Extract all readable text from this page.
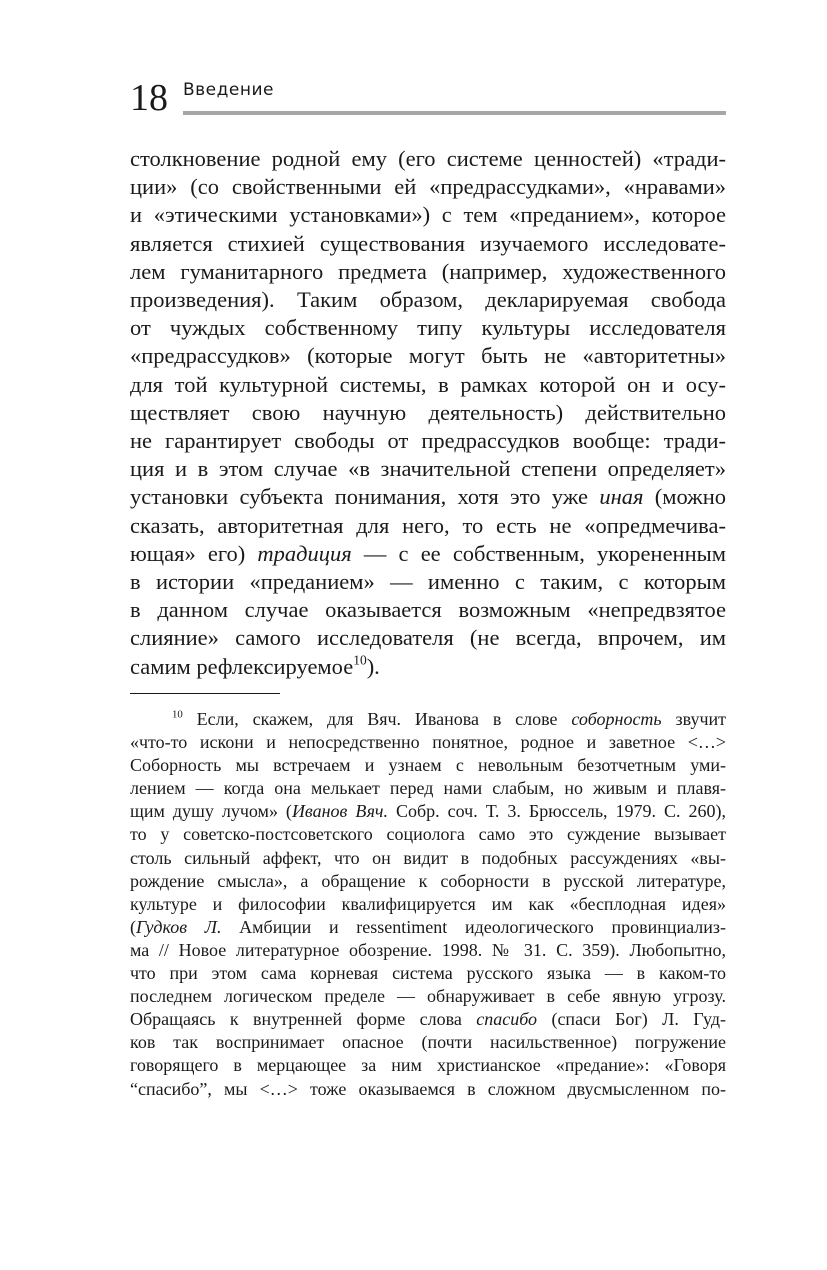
18 Введение
столкновение родной ему (его системе ценностей) «тради-
ции» (со свойственными ей «предрассудками», «нравами»
и «этическими установками») с тем «преданием», которое
является стихией существования изучаемого исследовате-
лем гуманитарного предмета (например, художественного
произведения). Таким образом, декларируемая свобода
от чуждых собственному типу культуры исследователя
«предрассудков» (которые могут быть не «авторитетны»
для той культурной системы, в рамках которой он и осу-
ществляет свою научную деятельность) действительно
не гарантирует свободы от предрассудков вообще: тради-
ция и в этом случае «в значительной степени определяет»
установки субъекта понимания, хотя это уже иная (можно
сказать, авторитетная для него, то есть не «опредмечива-
ющая» его) традиция — с ее собственным, укорененным
в истории «преданием» — именно с таким, с которым
в данном случае оказывается возможным «непредвзятое
слияние» самого исследователя (не всегда, впрочем, им
самим рефлексируемое$^{10}$).
$^{10}$ Если, скажем, для Вяч. Иванова в слове соборность звучит
«что-то искони и непосредственно понятное, родное и заветное <…>
Соборность мы встречаем и узнаем с невольным безотчетным уми-
лением — когда она мелькает перед нами слабым, но живым и плавя-
щим душу лучом» (Иванов Вяч. Собр. соч. Т. 3. Брюссель, 1979. С. 260),
то у советско-постсоветского социолога само это суждение вызывает
столь сильный аффект, что он видит в подобных рассуждениях «вы-
рождение смысла», а обращение к соборности в русской литературе,
культуре и философии квалифицируется им как «бесплодная идея»
(Гудков Л. Амбиции и ressentiment идеологического провинциализ-
ма // Новое литературное обозрение. 1998. № 31. С. 359). Любопытно,
что при этом сама корневая система русского языка — в каком-то
последнем логическом пределе — обнаруживает в себе явную угрозу.
Обращаясь к внутренней форме слова спасибо (спаси Бог) Л. Гуд-
ков так воспринимает опасное (почти насильственное) погружение
говорящего в мерцающее за ним христианское «предание»: «Говоря
“спасибо”, мы <…> тоже оказываемся в сложном двусмысленном по-
